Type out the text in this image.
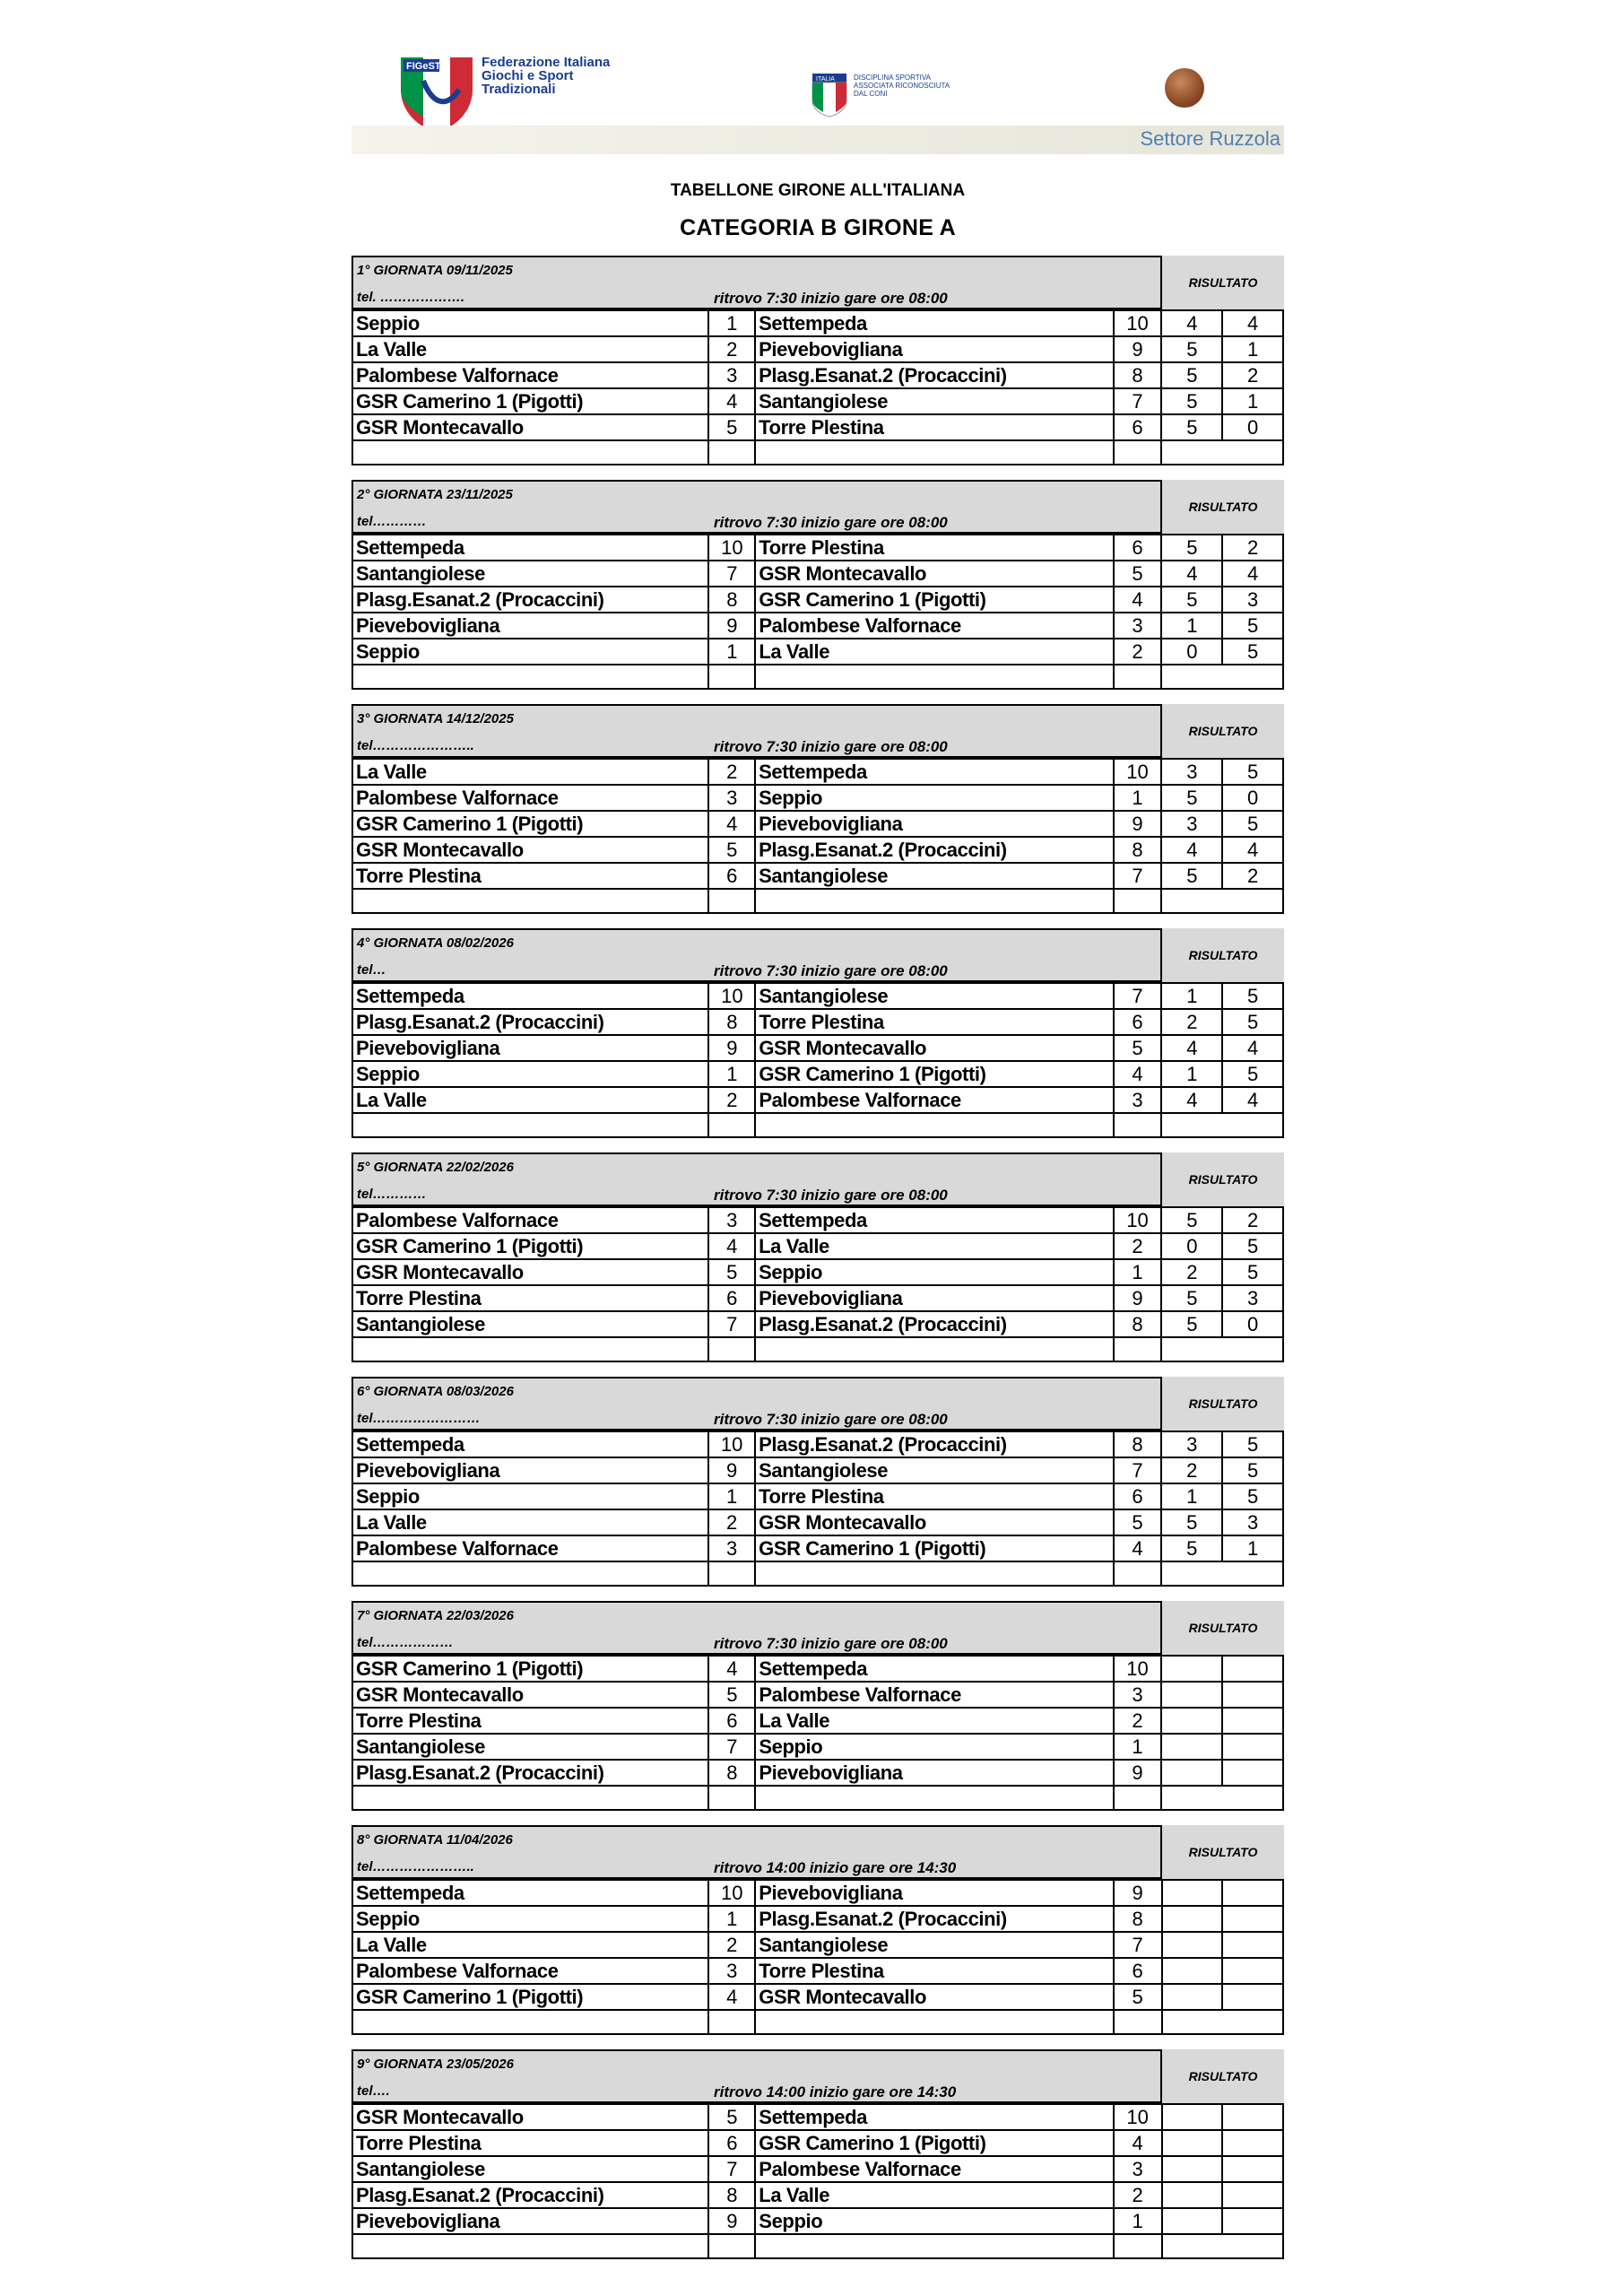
FIGeST	Federazione Italiana
Giochi e Sport
Tradizionali
ITALIA	DISCIPLINA SPORTIVA
ASSOCIATA RICONOSCIUTA
DAL CONI
Settore Ruzzola
TABELLONE GIRONE ALL'ITALIANA
CATEGORIA B GIRONE A
1° GIORNATA 09/11/2025
tel. ……………….	ritrovo 7:30 inizio gare ore 08:00
RISULTATO
Seppio	1	Settempeda	10	4	4
La Valle	2	Pievebovigliana	9	5	1
Palombese Valfornace	3	Plasg.Esanat.2 (Procaccini)	8	5	2
GSR Camerino 1 (Pigotti)	4	Santangiolese	7	5	1
GSR Montecavallo	5	Torre Plestina	6	5	0

2° GIORNATA 23/11/2025
tel…………	ritrovo 7:30 inizio gare ore 08:00
RISULTATO
Settempeda	10	Torre Plestina	6	5	2
Santangiolese	7	GSR Montecavallo	5	4	4
Plasg.Esanat.2 (Procaccini)	8	GSR Camerino 1 (Pigotti)	4	5	3
Pievebovigliana	9	Palombese Valfornace	3	1	5
Seppio	1	La Valle	2	0	5

3° GIORNATA 14/12/2025
tel…………………..	ritrovo 7:30 inizio gare ore 08:00
RISULTATO
La Valle	2	Settempeda	10	3	5
Palombese Valfornace	3	Seppio	1	5	0
GSR Camerino 1 (Pigotti)	4	Pievebovigliana	9	3	5
GSR Montecavallo	5	Plasg.Esanat.2 (Procaccini)	8	4	4
Torre Plestina	6	Santangiolese	7	5	2

4° GIORNATA 08/02/2026
tel…	ritrovo 7:30 inizio gare ore 08:00
RISULTATO
Settempeda	10	Santangiolese	7	1	5
Plasg.Esanat.2 (Procaccini)	8	Torre Plestina	6	2	5
Pievebovigliana	9	GSR Montecavallo	5	4	4
Seppio	1	GSR Camerino 1 (Pigotti)	4	1	5
La Valle	2	Palombese Valfornace	3	4	4

5° GIORNATA 22/02/2026
tel…………	ritrovo 7:30 inizio gare ore 08:00
RISULTATO
Palombese Valfornace	3	Settempeda	10	5	2
GSR Camerino 1 (Pigotti)	4	La Valle	2	0	5
GSR Montecavallo	5	Seppio	1	2	5
Torre Plestina	6	Pievebovigliana	9	5	3
Santangiolese	7	Plasg.Esanat.2 (Procaccini)	8	5	0

6° GIORNATA 08/03/2026
tel……………………	ritrovo 7:30 inizio gare ore 08:00
RISULTATO
Settempeda	10	Plasg.Esanat.2 (Procaccini)	8	3	5
Pievebovigliana	9	Santangiolese	7	2	5
Seppio	1	Torre Plestina	6	1	5
La Valle	2	GSR Montecavallo	5	5	3
Palombese Valfornace	3	GSR Camerino 1 (Pigotti)	4	5	1

7° GIORNATA 22/03/2026
tel………………	ritrovo 7:30 inizio gare ore 08:00
RISULTATO
GSR Camerino 1 (Pigotti)	4	Settempeda	10		
GSR Montecavallo	5	Palombese Valfornace	3		
Torre Plestina	6	La Valle	2		
Santangiolese	7	Seppio	1		
Plasg.Esanat.2 (Procaccini)	8	Pievebovigliana	9		

8° GIORNATA 11/04/2026
tel…………………..	ritrovo 14:00 inizio gare ore 14:30
RISULTATO
Settempeda	10	Pievebovigliana	9		
Seppio	1	Plasg.Esanat.2 (Procaccini)	8		
La Valle	2	Santangiolese	7		
Palombese Valfornace	3	Torre Plestina	6		
GSR Camerino 1 (Pigotti)	4	GSR Montecavallo	5		

9° GIORNATA 23/05/2026
tel….	ritrovo 14:00 inizio gare ore 14:30
RISULTATO
GSR Montecavallo	5	Settempeda	10		
Torre Plestina	6	GSR Camerino 1 (Pigotti)	4		
Santangiolese	7	Palombese Valfornace	3		
Plasg.Esanat.2 (Procaccini)	8	La Valle	2		
Pievebovigliana	9	Seppio	1		
